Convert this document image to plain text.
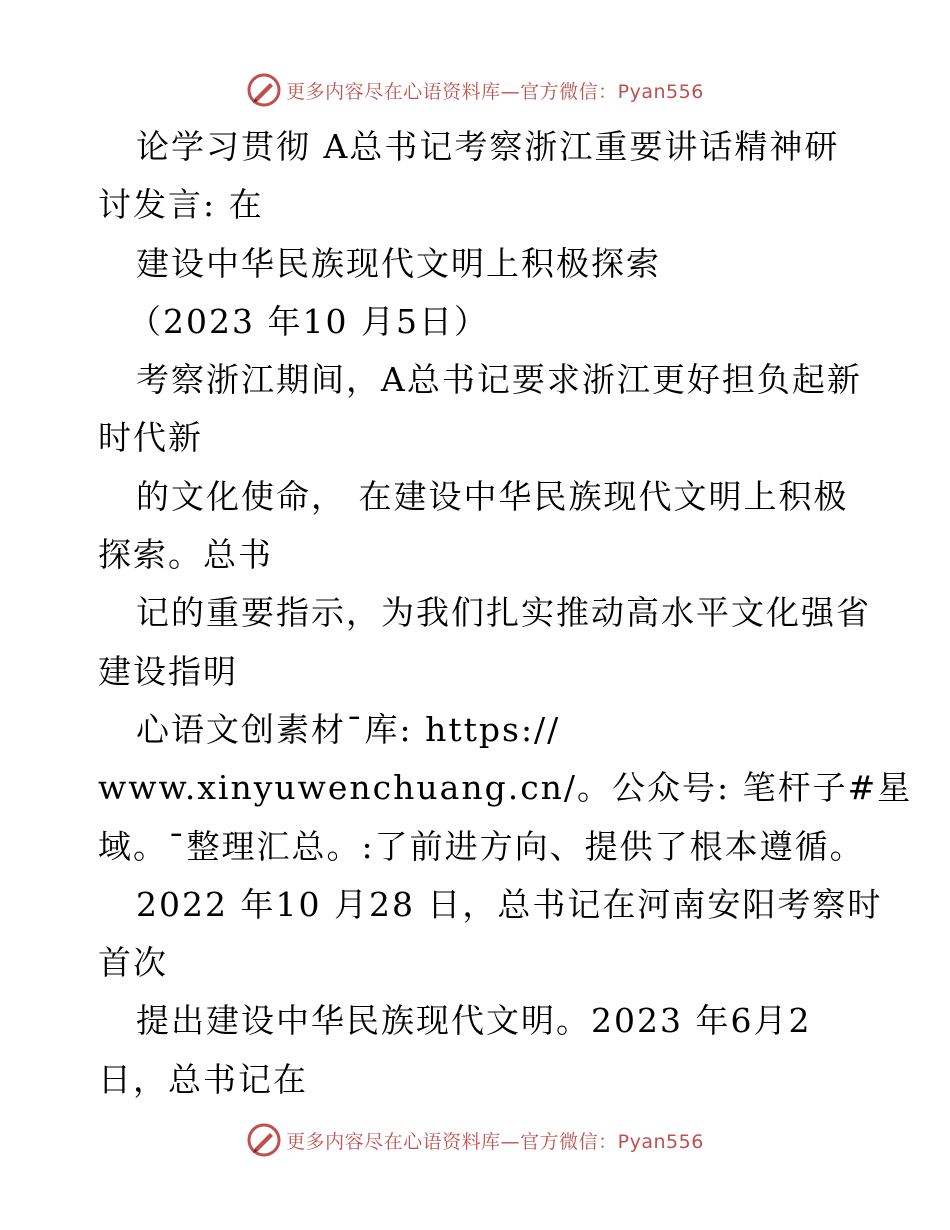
更多内容尽在心语资料库—官方微信：Pyan556
论学习贯彻 A总书记考察浙江重要讲话精神研
讨发言: 在
建设中华民族现代文明上积极探索
（2023 年10 月5日）
考察浙江期间，A总书记要求浙江更好担负起新
时代新
的文化使命， 在建设中华民族现代文明上积极
探索。总书
记的重要指示，为我们扎实推动高水平文化强省
建设指明
心语文创素材¯库: https://
www.xinyuwenchuang.cn/。公众号: 笔杆子#星
域。¯整理汇总。:了前进方向、提供了根本遵循。
2022 年10 月28 日，总书记在河南安阳考察时
首次
提出建设中华民族现代文明。2023 年6月2
日，总书记在
更多内容尽在心语资料库—官方微信：Pyan556
